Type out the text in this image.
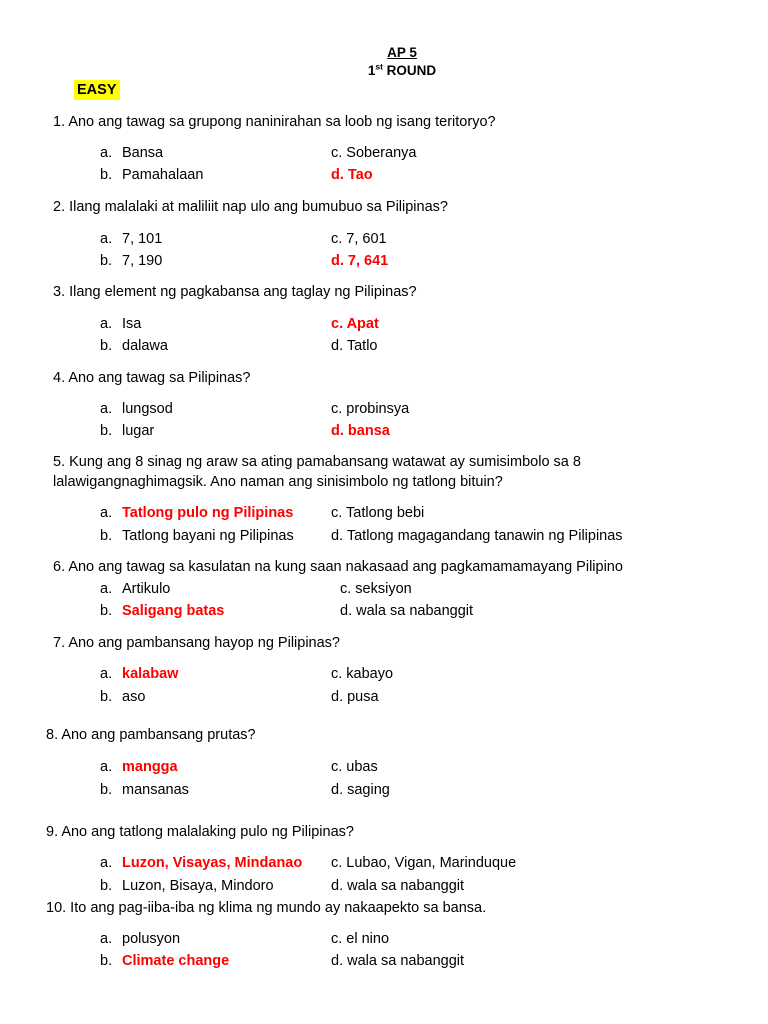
AP 5
1st ROUND
EASY
1. Ano ang tawag sa grupong naninirahan sa loob ng isang teritoryo?
a. Bansa
b. Pamahalaan
c. Soberanya
d. Tao
2. Ilang malalaki at maliliit nap ulo ang bumubuo sa Pilipinas?
a. 7, 101
b. 7, 190
c. 7, 601
d. 7, 641
3. Ilang element ng pagkabansa ang taglay ng Pilipinas?
a. Isa
b. dalawa
c. Apat
d. Tatlo
4. Ano ang tawag sa Pilipinas?
a. lungsod
b. lugar
c. probinsya
d. bansa
5. Kung ang 8 sinag ng araw sa ating pamabansang watawat ay sumisimbolo sa 8
lalawigangnaghimagsik. Ano naman ang sinisimbolo ng tatlong bituin?
a. Tatlong pulo ng Pilipinas
b. Tatlong bayani ng Pilipinas
c. Tatlong bebi
d. Tatlong magagandang tanawin ng Pilipinas
6. Ano ang tawag sa kasulatan na kung saan nakasaad ang pagkamamamayang Pilipino
a. Artikulo
b. Saligang batas
c. seksiyon
d. wala sa nabanggit
7. Ano ang pambansang hayop ng Pilipinas?
a. kalabaw
b. aso
c. kabayo
d. pusa
8. Ano ang pambansang prutas?
a. mangga
b. mansanas
c. ubas
d. saging
9. Ano ang tatlong malalaking pulo ng Pilipinas?
a. Luzon, Visayas, Mindanao
b. Luzon, Bisaya, Mindoro
c. Lubao, Vigan, Marinduque
d. wala sa nabanggit
10. Ito ang pag-iiba-iba ng klima ng mundo ay nakaapekto sa bansa.
a. polusyon
b. Climate change
c. el nino
d. wala sa nabanggit
